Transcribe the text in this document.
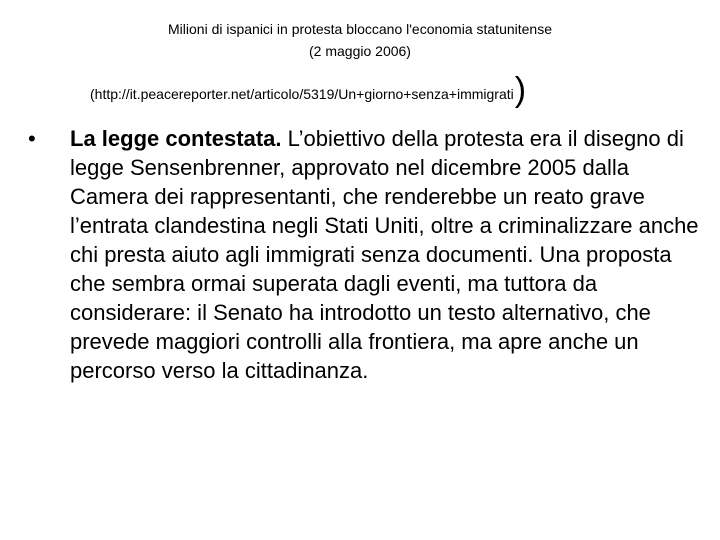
Milioni di ispanici in protesta bloccano l'economia statunitense
(2 maggio 2006)
(http://it.peacereporter.net/articolo/5319/Un+giorno+senza+immigrati)
• La legge contestata. L’obiettivo della protesta era il disegno di legge Sensenbrenner, approvato nel dicembre 2005 dalla Camera dei rappresentanti, che renderebbe un reato grave l’entrata clandestina negli Stati Uniti, oltre a criminalizzare anche chi presta aiuto agli immigrati senza documenti. Una proposta che sembra ormai superata dagli eventi, ma tuttora da considerare: il Senato ha introdotto un testo alternativo, che prevede maggiori controlli alla frontiera, ma apre anche un percorso verso la cittadinanza.
